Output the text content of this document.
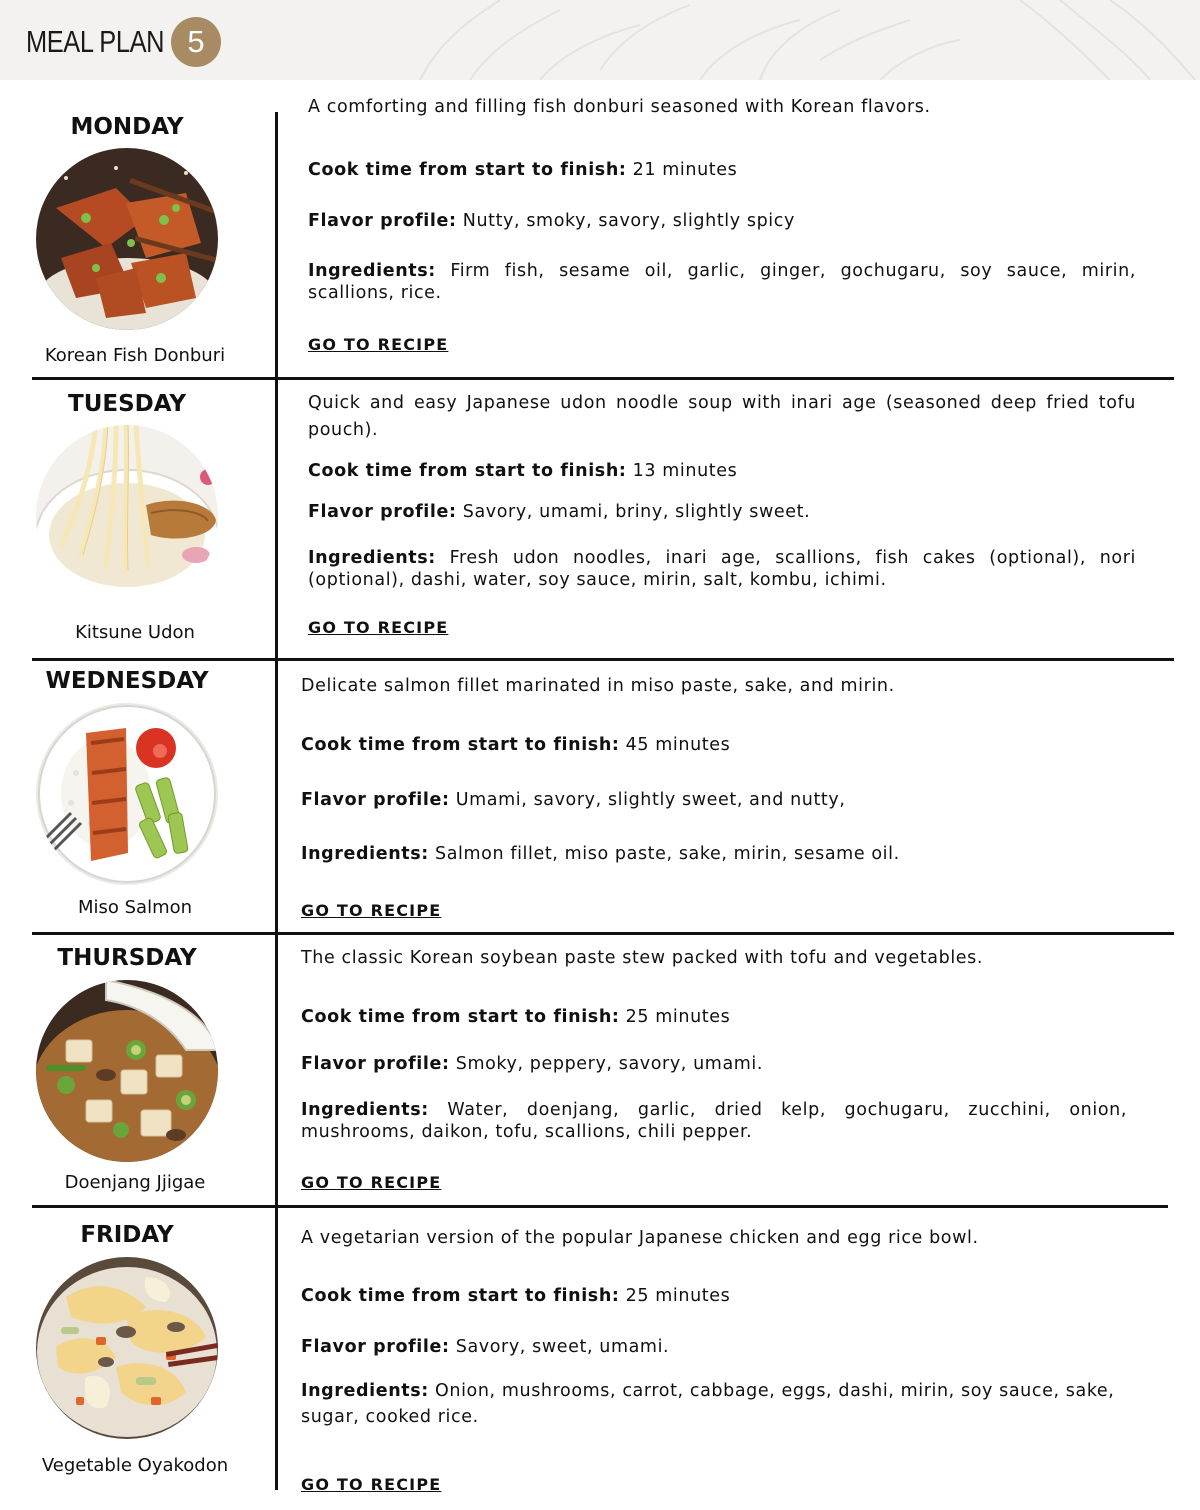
MEAL PLAN 5
MONDAY
Korean Fish Donburi
A comforting and filling fish donburi seasoned with Korean flavors.
Cook time from start to finish: 21 minutes
Flavor profile: Nutty, smoky, savory, slightly spicy
Ingredients: Firm fish, sesame oil, garlic, ginger, gochugaru, soy sauce, mirin, scallions, rice.
GO TO RECIPE
TUESDAY
Kitsune Udon
Quick and easy Japanese udon noodle soup with inari age (seasoned deep fried tofu pouch).
Cook time from start to finish: 13 minutes
Flavor profile: Savory, umami, briny, slightly sweet.
Ingredients: Fresh udon noodles, inari age, scallions, fish cakes (optional), nori (optional), dashi, water, soy sauce, mirin, salt, kombu, ichimi.
GO TO RECIPE
WEDNESDAY
Miso Salmon
Delicate salmon fillet marinated in miso paste, sake, and mirin.
Cook time from start to finish: 45 minutes
Flavor profile: Umami, savory, slightly sweet, and nutty,
Ingredients: Salmon fillet, miso paste, sake, mirin, sesame oil.
GO TO RECIPE
THURSDAY
Doenjang Jjigae
The classic Korean soybean paste stew packed with tofu and vegetables.
Cook time from start to finish: 25 minutes
Flavor profile: Smoky, peppery, savory, umami.
Ingredients: Water, doenjang, garlic, dried kelp, gochugaru, zucchini, onion, mushrooms, daikon, tofu, scallions, chili pepper.
GO TO RECIPE
FRIDAY
Vegetable Oyakodon
A vegetarian version of the popular Japanese chicken and egg rice bowl.
Cook time from start to finish: 25 minutes
Flavor profile: Savory, sweet, umami.
Ingredients: Onion, mushrooms, carrot, cabbage, eggs, dashi, mirin, soy sauce, sake, sugar, cooked rice.
GO TO RECIPE
